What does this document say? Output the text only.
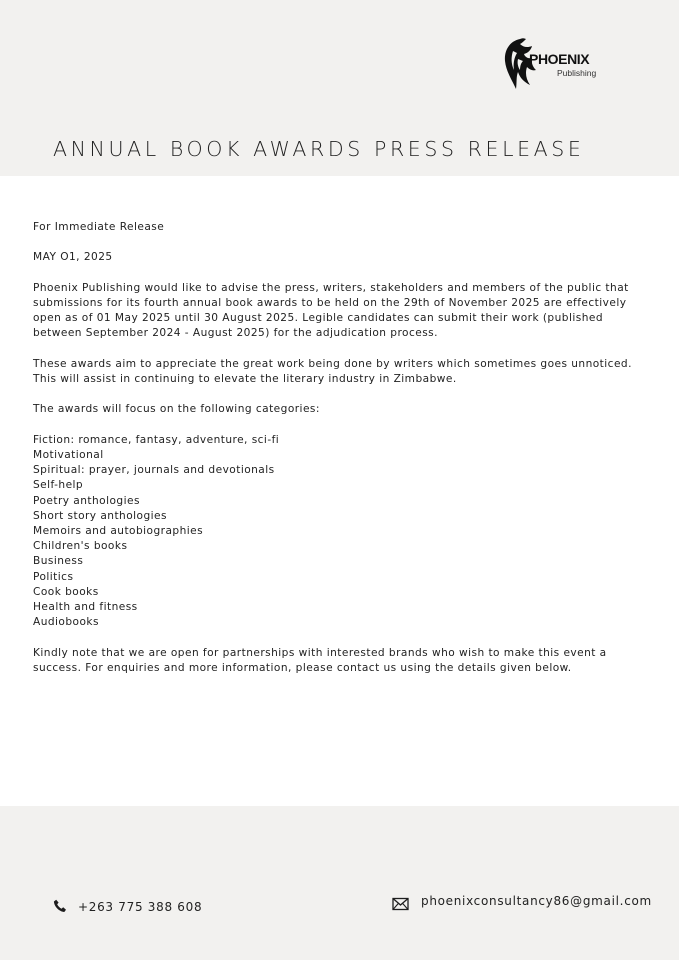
PHOENIX
Publishing
ANNUAL BOOK AWARDS PRESS RELEASE

For Immediate Release

MAY O1, 2025

Phoenix Publishing would like to advise the press, writers, stakeholders and members of the public that submissions for its fourth annual book awards to be held on the 29th of November 2025 are effectively open as of 01 May 2025 until 30 August 2025. Legible candidates can submit their work (published between September 2024 - August 2025) for the adjudication process.

These awards aim to appreciate the great work being done by writers which sometimes goes unnoticed. This will assist in continuing to elevate the literary industry in Zimbabwe.

The awards will focus on the following categories:

Fiction: romance, fantasy, adventure, sci-fi
Motivational
Spiritual: prayer, journals and devotionals
Self-help
Poetry anthologies
Short story anthologies
Memoirs and autobiographies
Children's books
Business
Politics
Cook books
Health and fitness
Audiobooks

Kindly note that we are open for partnerships with interested brands who wish to make this event a success. For enquiries and more information, please contact us using the details given below.

+263 775 388 608	phoenixconsultancy86@gmail.com
